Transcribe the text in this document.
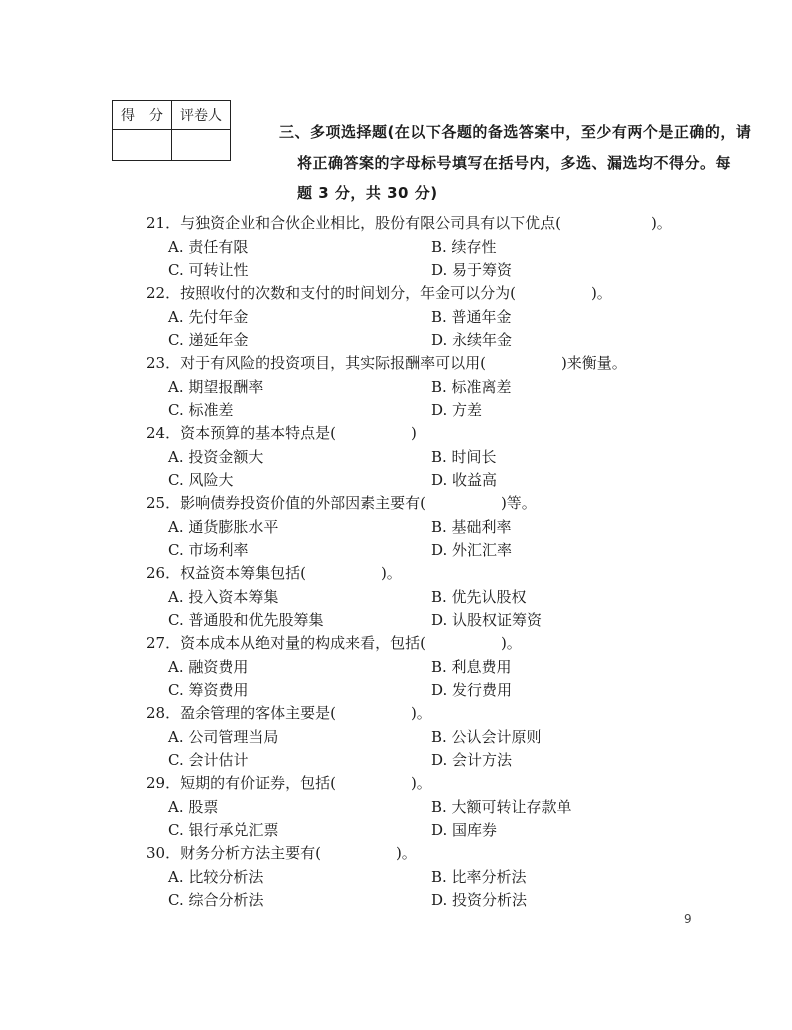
得　分	评卷人

三、多项选择题(在以下各题的备选答案中，至少有两个是正确的，请
将正确答案的字母标号填写在括号内，多选、漏选均不得分。每
题 3 分，共 30 分)
21．与独资企业和合伙企业相比，股份有限公司具有以下优点(　　　　　　)。
A. 责任有限	B. 续存性
C. 可转让性	D. 易于筹资
22．按照收付的次数和支付的时间划分，年金可以分为(　　　　　)。
A. 先付年金	B. 普通年金
C. 递延年金	D. 永续年金
23．对于有风险的投资项目，其实际报酬率可以用(　　　　　)来衡量。
A. 期望报酬率	B. 标准离差
C. 标准差	D. 方差
24．资本预算的基本特点是(　　　　　)
A. 投资金额大	B. 时间长
C. 风险大	D. 收益高
25．影响债券投资价值的外部因素主要有(　　　　　)等。
A. 通货膨胀水平	B. 基础利率
C. 市场利率	D. 外汇汇率
26．权益资本筹集包括(　　　　　)。
A. 投入资本筹集	B. 优先认股权
C. 普通股和优先股筹集	D. 认股权证筹资
27．资本成本从绝对量的构成来看，包括(　　　　　)。
A. 融资费用	B. 利息费用
C. 筹资费用	D. 发行费用
28．盈余管理的客体主要是(　　　　　)。
A. 公司管理当局	B. 公认会计原则
C. 会计估计	D. 会计方法
29．短期的有价证券，包括(　　　　　)。
A. 股票	B. 大额可转让存款单
C. 银行承兑汇票	D. 国库券
30．财务分析方法主要有(　　　　　)。
A. 比较分析法	B. 比率分析法
C. 综合分析法	D. 投资分析法
9
